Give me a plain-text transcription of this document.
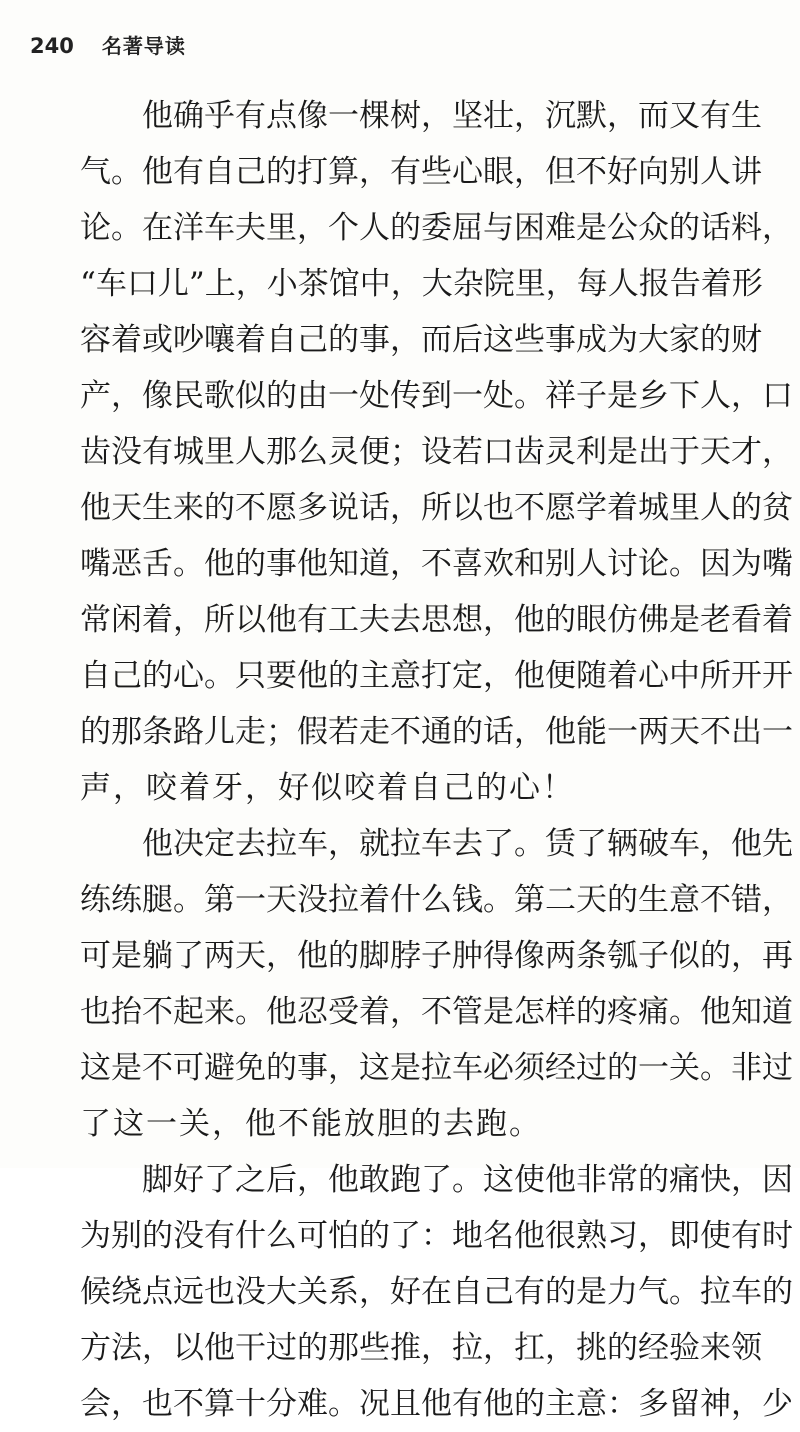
240 名著导读
他 确 乎 有 点 像 一 棵 树 ， 坚 壮 ， 沉 默 ， 而 又 有 生
气 。 他 有 自 己 的 打 算 ， 有 些 心 眼 ， 但 不 好 向 别 人 讲
论 。 在 洋 车 夫 里 ， 个 人 的 委 屈 与 困 难 是 公 众 的 话 料 ，
“ 车 口 儿 ” 上 ， 小 茶 馆 中 ， 大 杂 院 里 ， 每 人 报 告 着 形
容 着 或 吵 嚷 着 自 己 的 事 ， 而 后 这 些 事 成 为 大 家 的 财
产 ， 像 民 歌 似 的 由 一 处 传 到 一 处 。 祥 子 是 乡 下 人 ， 口
齿 没 有 城 里 人 那 么 灵 便 ； 设 若 口 齿 灵 利 是 出 于 天 才 ，
他 天 生 来 的 不 愿 多 说 话 ， 所 以 也 不 愿 学 着 城 里 人 的 贫
嘴 恶 舌 。 他 的 事 他 知 道 ， 不 喜 欢 和 别 人 讨 论 。 因 为 嘴
常 闲 着 ， 所 以 他 有 工 夫 去 思 想 ， 他 的 眼 仿 佛 是 老 看 着
自 己 的 心 。 只 要 他 的 主 意 打 定 ， 他 便 随 着 心 中 所 开 开
的 那 条 路 儿 走 ； 假 若 走 不 通 的 话 ， 他 能 一 两 天 不 出 一
声 ， 咬 着 牙 ， 好 似 咬 着 自 己 的 心 ！
他 决 定 去 拉 车 ， 就 拉 车 去 了 。 赁 了 辆 破 车 ， 他 先
练 练 腿 。 第 一 天 没 拉 着 什 么 钱 。 第 二 天 的 生 意 不 错 ，
可 是 躺 了 两 天 ， 他 的 脚 脖 子 肿 得 像 两 条 瓠 子 似 的 ， 再
也 抬 不 起 来 。 他 忍 受 着 ， 不 管 是 怎 样 的 疼 痛 。 他 知 道
这 是 不 可 避 免 的 事 ， 这 是 拉 车 必 须 经 过 的 一 关 。 非 过
了 这 一 关 ， 他 不 能 放 胆 的 去 跑 。
脚 好 了 之 后 ， 他 敢 跑 了 。 这 使 他 非 常 的 痛 快 ， 因
为 别 的 没 有 什 么 可 怕 的 了 ： 地 名 他 很 熟 习 ， 即 使 有 时
候 绕 点 远 也 没 大 关 系 ， 好 在 自 己 有 的 是 力 气 。 拉 车 的
方 法 ， 以 他 干 过 的 那 些 推 ， 拉 ， 扛 ， 挑 的 经 验 来 领
会 ， 也 不 算 十 分 难 。 况 且 他 有 他 的 主 意 ： 多 留 神 ， 少
